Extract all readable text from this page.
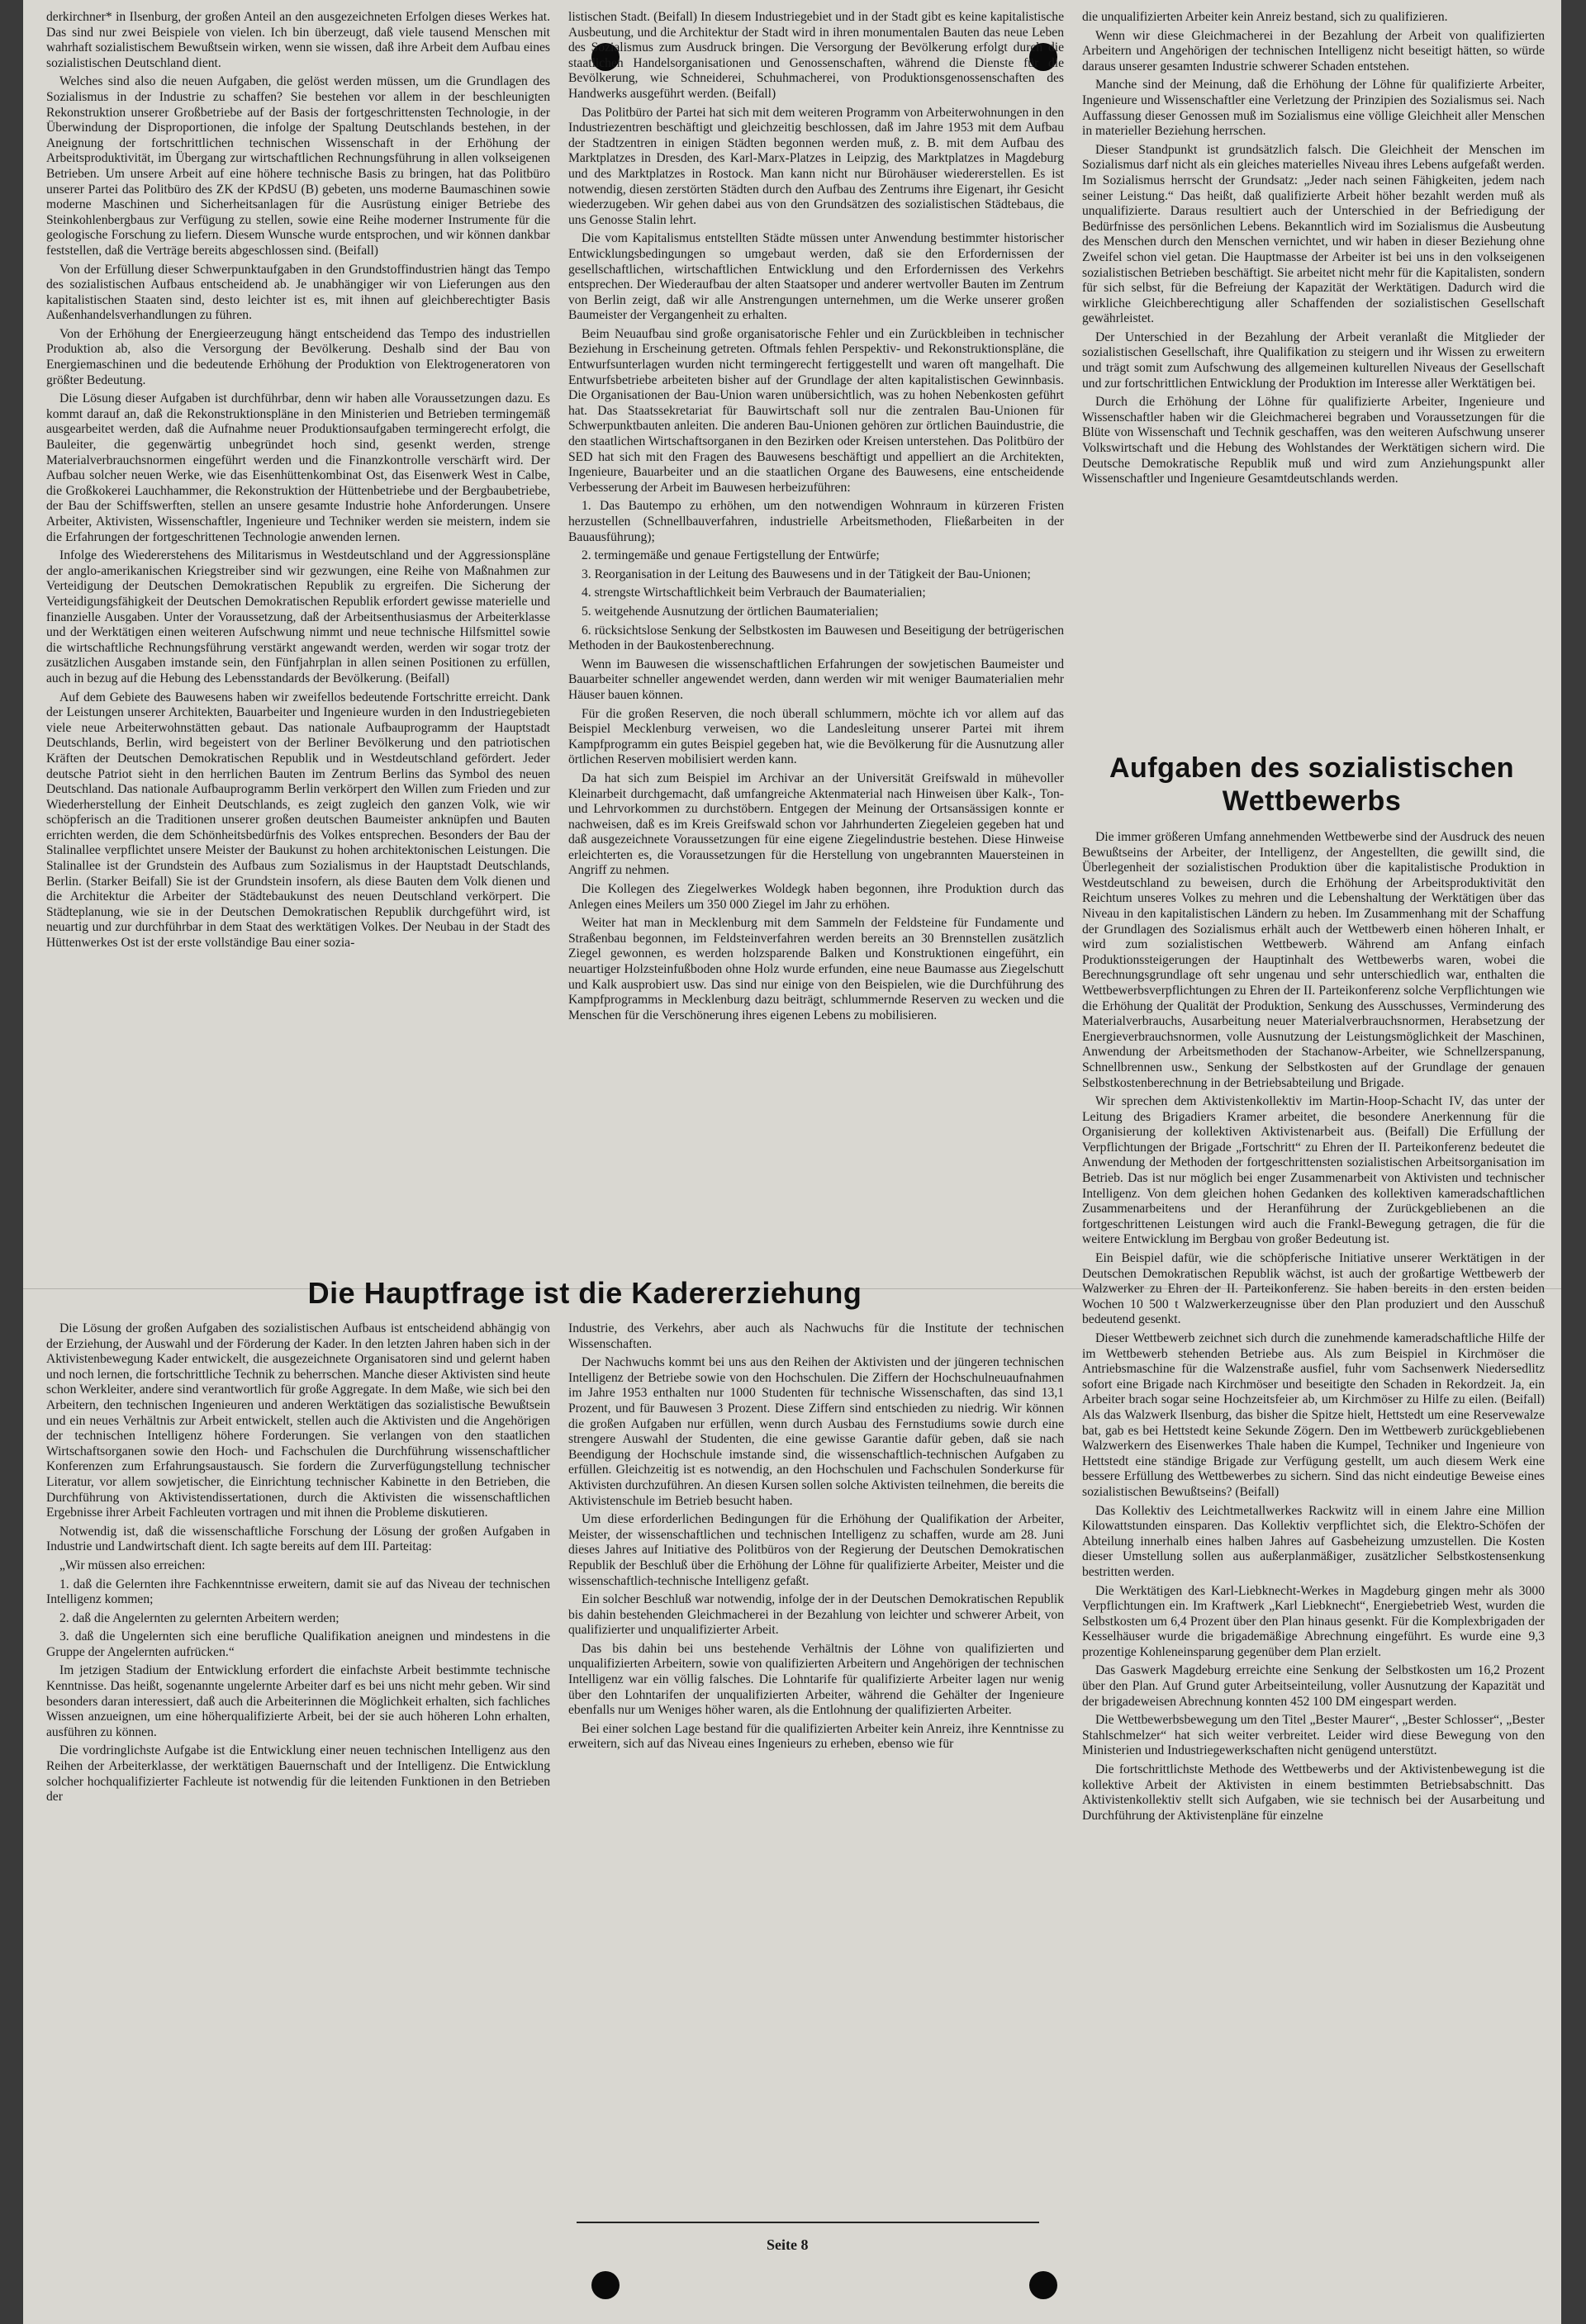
derkirchner* in Ilsenburg, der großen Anteil an den ausgezeichneten Erfolgen dieses Werkes hat. Das sind nur zwei Beispiele von vielen. Ich bin überzeugt, daß viele tausend Menschen mit wahrhaft sozialistischem Bewußtsein wirken, wenn sie wissen, daß ihre Arbeit dem Aufbau eines sozialistischen Deutschland dient.

Welches sind also die neuen Aufgaben, die gelöst werden müssen, um die Grundlagen des Sozialismus in der Industrie zu schaffen? Sie bestehen vor allem in der beschleunigten Rekonstruktion unserer Großbetriebe auf der Basis der fortgeschrittensten Technologie, in der Überwindung der Disproportionen, die infolge der Spaltung Deutschlands bestehen, in der Aneignung der fortschrittlichen technischen Wissenschaft in der Erhöhung der Arbeitsproduktivität, im Übergang zur wirtschaftlichen Rechnungsführung in allen volkseigenen Betrieben. Um unsere Arbeit auf eine höhere technische Basis zu bringen, hat das Politbüro unserer Partei das Politbüro des ZK der KPdSU (B) gebeten, uns moderne Baumaschinen sowie moderne Maschinen und Sicherheitsanlagen für die Ausrüstung einiger Betriebe des Steinkohlenbergbaus zur Verfügung zu stellen, sowie eine Reihe moderner Instrumente für die geologische Forschung zu liefern. Diesem Wunsche wurde entsprochen, und wir können dankbar feststellen, daß die Verträge bereits abgeschlossen sind. (Beifall)

Von der Erfüllung dieser Schwerpunktaufgaben in den Grundstoffindustrien hängt das Tempo des sozialistischen Aufbaus entscheidend ab. Je unabhängiger wir von Lieferungen aus den kapitalistischen Staaten sind, desto leichter ist es, mit ihnen auf gleichberechtigter Basis Außenhandelsverhandlungen zu führen.

Von der Erhöhung der Energieerzeugung hängt entscheidend das Tempo des industriellen Produktion ab, also die Versorgung der Bevölkerung. Deshalb sind der Bau von Energiemaschinen und die bedeutende Erhöhung der Produktion von Elektrogeneratoren von größter Bedeutung.

Die Lösung dieser Aufgaben ist durchführbar, denn wir haben alle Voraussetzungen dazu. Es kommt darauf an, daß die Rekonstruktionspläne in den Ministerien und Betrieben termingemäß ausgearbeitet werden, daß die Aufnahme neuer Produktionsaufgaben termingerecht erfolgt, die Bauleiter, die gegenwärtig unbegründet hoch sind, gesenkt werden, strenge Materialverbrauchsnormen eingeführt werden und die Finanzkontrolle verschärft wird. Der Aufbau solcher neuen Werke, wie das Eisenhüttenkombinat Ost, das Eisenwerk West in Calbe, die Großkokerei Lauchhammer, die Rekonstruktion der Hüttenbetriebe und der Bergbaubetriebe, der Bau der Schiffswerften, stellen an unsere gesamte Industrie hohe Anforderungen. Unsere Arbeiter, Aktivisten, Wissenschaftler, Ingenieure und Techniker werden sie meistern, indem sie die Erfahrungen der fortgeschrittenen Technologie anwenden lernen.

Infolge des Wiedererstehens des Militarismus in Westdeutschland und der Aggressionspläne der anglo-amerikanischen Kriegstreiber sind wir gezwungen, eine Reihe von Maßnahmen zur Verteidigung der Deutschen Demokratischen Republik zu ergreifen. Die Sicherung der Verteidigungsfähigkeit der Deutschen Demokratischen Republik erfordert gewisse materielle und finanzielle Ausgaben. Unter der Voraussetzung, daß der Arbeitsenthusiasmus der Arbeiterklasse und der Werktätigen einen weiteren Aufschwung nimmt und neue technische Hilfsmittel sowie die wirtschaftliche Rechnungsführung verstärkt angewandt werden, werden wir sogar trotz der zusätzlichen Ausgaben imstande sein, den Fünfjahrplan in allen seinen Positionen zu erfüllen, auch in bezug auf die Hebung des Lebensstandards der Bevölkerung. (Beifall)

Auf dem Gebiete des Bauwesens haben wir zweifellos bedeutende Fortschritte erreicht. Dank der Leistungen unserer Architekten, Bauarbeiter und Ingenieure wurden in den Industriegebieten viele neue Arbeiterwohnstätten gebaut. Das nationale Aufbauprogramm der Hauptstadt Deutschlands, Berlin, wird begeistert von der Berliner Bevölkerung und den patriotischen Kräften der Deutschen Demokratischen Republik und in Westdeutschland gefördert. Jeder deutsche Patriot sieht in den herrlichen Bauten im Zentrum Berlins das Symbol des neuen Deutschland. Das nationale Aufbauprogramm Berlin verkörpert den Willen zum Frieden und zur Wiederherstellung der Einheit Deutschlands, es zeigt zugleich den ganzen Volk, wie wir schöpferisch an die Traditionen unserer großen deutschen Baumeister anknüpfen und Bauten errichten werden, die dem Schönheitsbedürfnis des Volkes entsprechen. Besonders der Bau der Stalinallee verpflichtet unsere Meister der Baukunst zu hohen architektonischen Leistungen. Die Stalinallee ist der Grundstein des Aufbaus zum Sozialismus in der Hauptstadt Deutschlands, Berlin. (Starker Beifall) Sie ist der Grundstein insofern, als diese Bauten dem Volk dienen und die Architektur die Arbeiter der Städtebaukunst des neuen Deutschland verkörpert. Die Städteplanung, wie sie in der Deutschen Demokratischen Republik durchgeführt wird, ist neuartig und zur durchführbar in dem Staat des werktätigen Volkes. Der Neubau in der Stadt des Hüttenwerkes Ost ist der erste vollständige Bau einer sozia-

listischen Stadt. (Beifall) In diesem Industriegebiet und in der Stadt gibt es keine kapitalistische Ausbeutung, und die Architektur der Stadt wird in ihren monumentalen Bauten das neue Leben des Sozialismus zum Ausdruck bringen. Die Versorgung der Bevölkerung erfolgt durch die staatlichen Handelsorganisationen und Genossenschaften, während die Dienste für die Bevölkerung, wie Schneiderei, Schuhmacherei, von Produktionsgenossenschaften des Handwerks ausgeführt werden. (Beifall)

Das Politbüro der Partei hat sich mit dem weiteren Programm von Arbeiterwohnungen in den Industriezentren beschäftigt und gleichzeitig beschlossen, daß im Jahre 1953 mit dem Aufbau der Stadtzentren in einigen Städten begonnen werden muß, z. B. mit dem Aufbau des Marktplatzes in Dresden, des Karl-Marx-Platzes in Leipzig, des Marktplatzes in Magdeburg und des Marktplatzes in Rostock. Man kann nicht nur Bürohäuser wiedererstellen. Es ist notwendig, diesen zerstörten Städten durch den Aufbau des Zentrums ihre Eigenart, ihr Gesicht wiederzugeben. Wir gehen dabei aus von den Grundsätzen des sozialistischen Städtebaus, die uns Genosse Stalin lehrt.

Die vom Kapitalismus entstellten Städte müssen unter Anwendung bestimmter historischer Entwicklungsbedingungen so umgebaut werden, daß sie den Erfordernissen der gesellschaftlichen, wirtschaftlichen Entwicklung und den Erfordernissen des Verkehrs entsprechen. Der Wiederaufbau der alten Staatsoper und anderer wertvoller Bauten im Zentrum von Berlin zeigt, daß wir alle Anstrengungen unternehmen, um die Werke unserer großen Baumeister der Vergangenheit zu erhalten.

Beim Neuaufbau sind große organisatorische Fehler und ein Zurückbleiben in technischer Beziehung in Erscheinung getreten. Oftmals fehlen Perspektiv- und Rekonstruktionspläne, die Entwurfsunterlagen wurden nicht termingerecht fertiggestellt und waren oft mangelhaft. Die Entwurfsbetriebe arbeiteten bisher auf der Grundlage der alten kapitalistischen Gewinnbasis. Die Organisationen der Bau-Union waren unübersichtlich, was zu hohen Nebenkosten geführt hat. Das Staatssekretariat für Bauwirtschaft soll nur die zentralen Bau-Unionen für Schwerpunktbauten anleiten. Die anderen Bau-Unionen gehören zur örtlichen Bauindustrie, die den staatlichen Wirtschaftsorganen in den Bezirken oder Kreisen unterstehen. Das Politbüro der SED hat sich mit den Fragen des Bauwesens beschäftigt und appelliert an die Architekten, Ingenieure, Bauarbeiter und an die staatlichen Organe des Bauwesens, eine entscheidende Verbesserung der Arbeit im Bauwesen herbeizuführen:

1. Das Bautempo zu erhöhen, um den notwendigen Wohnraum in kürzeren Fristen herzustellen (Schnellbauverfahren, industrielle Arbeitsmethoden, Fließarbeiten in der Bauausführung);

2. termingemäße und genaue Fertigstellung der Entwürfe;

3. Reorganisation in der Leitung des Bauwesens und in der Tätigkeit der Bau-Unionen;

4. strengste Wirtschaftlichkeit beim Verbrauch der Baumaterialien;

5. weitgehende Ausnutzung der örtlichen Baumaterialien;

6. rücksichtslose Senkung der Selbstkosten im Bauwesen und Beseitigung der betrügerischen Methoden in der Baukostenberechnung.

Wenn im Bauwesen die wissenschaftlichen Erfahrungen der sowjetischen Baumeister und Bauarbeiter schneller angewendet werden, dann werden wir mit weniger Baumaterialien mehr Häuser bauen können.

Für die großen Reserven, die noch überall schlummern, möchte ich vor allem auf das Beispiel Mecklenburg verweisen, wo die Landesleitung unserer Partei mit ihrem Kampfprogramm ein gutes Beispiel gegeben hat, wie die Bevölkerung für die Ausnutzung aller örtlichen Reserven mobilisiert werden kann.

Da hat sich zum Beispiel im Archivar an der Universität Greifswald in mühevoller Kleinarbeit durchgemacht, daß umfangreiche Aktenmaterial nach Hinweisen über Kalk-, Ton- und Lehrvorkommen zu durchstöbern. Entgegen der Meinung der Ortsansässigen konnte er nachweisen, daß es im Kreis Greifswald schon vor Jahrhunderten Ziegeleien gegeben hat und daß ausgezeichnete Voraussetzungen für eine eigene Ziegelindustrie bestehen. Diese Hinweise erleichterten es, die Voraussetzungen für die Herstellung von ungebrannten Mauersteinen in Angriff zu nehmen.

Die Kollegen des Ziegelwerkes Woldegk haben begonnen, ihre Produktion durch das Anlegen eines Meilers um 350 000 Ziegel im Jahr zu erhöhen.

Weiter hat man in Mecklenburg mit dem Sammeln der Feldsteine für Fundamente und Straßenbau begonnen, im Feldsteinverfahren werden bereits an 30 Brennstellen zusätzlich Ziegel gewonnen, es werden holzsparende Balken und Konstruktionen eingeführt, ein neuartiger Holzsteinfußboden ohne Holz wurde erfunden, eine neue Baumasse aus Ziegelschutt und Kalk ausprobiert usw. Das sind nur einige von den Beispielen, wie die Durchführung des Kampfprogramms in Mecklenburg dazu beiträgt, schlummernde Reserven zu wecken und die Menschen für die Verschönerung ihres eigenen Lebens zu mobilisieren.

die unqualifizierten Arbeiter kein Anreiz bestand, sich zu qualifizieren.

Wenn wir diese Gleichmacherei in der Bezahlung der Arbeit von qualifizierten Arbeitern und Angehörigen der technischen Intelligenz nicht beseitigt hätten, so würde daraus unserer gesamten Industrie schwerer Schaden entstehen.

Manche sind der Meinung, daß die Erhöhung der Löhne für qualifizierte Arbeiter, Ingenieure und Wissenschaftler eine Verletzung der Prinzipien des Sozialismus sei. Nach Auffassung dieser Genossen muß im Sozialismus eine völlige Gleichheit aller Menschen in materieller Beziehung herrschen.

Dieser Standpunkt ist grundsätzlich falsch. Die Gleichheit der Menschen im Sozialismus darf nicht als ein gleiches materielles Niveau ihres Lebens aufgefaßt werden. Im Sozialismus herrscht der Grundsatz: „Jeder nach seinen Fähigkeiten, jedem nach seiner Leistung.“ Das heißt, daß qualifizierte Arbeit höher bezahlt werden muß als unqualifizierte. Daraus resultiert auch der Unterschied in der Befriedigung der Bedürfnisse des persönlichen Lebens. Bekanntlich wird im Sozialismus die Ausbeutung des Menschen durch den Menschen vernichtet, und wir haben in dieser Beziehung ohne Zweifel schon viel getan. Die Hauptmasse der Arbeiter ist bei uns in den volkseigenen sozialistischen Betrieben beschäftigt. Sie arbeitet nicht mehr für die Kapitalisten, sondern für sich selbst, für die Befreiung der Kapazität der Werktätigen. Dadurch wird die wirkliche Gleichberechtigung aller Schaffenden der sozialistischen Gesellschaft gewährleistet.

Der Unterschied in der Bezahlung der Arbeit veranlaßt die Mitglieder der sozialistischen Gesellschaft, ihre Qualifikation zu steigern und ihr Wissen zu erweitern und trägt somit zum Aufschwung des allgemeinen kulturellen Niveaus der Gesellschaft und zur fortschrittlichen Entwicklung der Produktion im Interesse aller Werktätigen bei.

Durch die Erhöhung der Löhne für qualifizierte Arbeiter, Ingenieure und Wissenschaftler haben wir die Gleichmacherei begraben und Voraussetzungen für die Blüte von Wissenschaft und Technik geschaffen, was den weiteren Aufschwung unserer Volkswirtschaft und die Hebung des Wohlstandes der Werktätigen sichern wird. Die Deutsche Demokratische Republik muß und wird zum Anziehungspunkt aller Wissenschaftler und Ingenieure Gesamtdeutschlands werden.

Aufgaben des sozialistischen Wettbewerbs

Die immer größeren Umfang annehmenden Wettbewerbe sind der Ausdruck des neuen Bewußtseins der Arbeiter, der Intelligenz, der Angestellten, die gewillt sind, die Überlegenheit der sozialistischen Produktion über die kapitalistische Produktion in Westdeutschland zu beweisen, durch die Erhöhung der Arbeitsproduktivität den Reichtum unseres Volkes zu mehren und die Lebenshaltung der Werktätigen über das Niveau in den kapitalistischen Ländern zu heben. Im Zusammenhang mit der Schaffung der Grundlagen des Sozialismus erhält auch der Wettbewerb einen höheren Inhalt, er wird zum sozialistischen Wettbewerb. Während am Anfang einfach Produktionssteigerungen der Hauptinhalt des Wettbewerbs waren, wobei die Berechnungsgrundlage oft sehr ungenau und sehr unterschiedlich war, enthalten die Wettbewerbsverpflichtungen zu Ehren der II. Parteikonferenz solche Verpflichtungen wie die Erhöhung der Qualität der Produktion, Senkung des Ausschusses, Verminderung des Materialverbrauchs, Ausarbeitung neuer Materialverbrauchsnormen, Herabsetzung der Energieverbrauchsnormen, volle Ausnutzung der Leistungsmöglichkeit der Maschinen, Anwendung der Arbeitsmethoden der Stachanow-Arbeiter, wie Schnellzerspanung, Schnellbrennen usw., Senkung der Selbstkosten auf der Grundlage der genauen Selbstkostenberechnung in der Betriebsabteilung und Brigade.

Wir sprechen dem Aktivistenkollektiv im Martin-Hoop-Schacht IV, das unter der Leitung des Brigadiers Kramer arbeitet, die besondere Anerkennung für die Organisierung der kollektiven Aktivistenarbeit aus. (Beifall) Die Erfüllung der Verpflichtungen der Brigade „Fortschritt“ zu Ehren der II. Parteikonferenz bedeutet die Anwendung der Methoden der fortgeschrittensten sozialistischen Arbeitsorganisation im Betrieb. Das ist nur möglich bei enger Zusammenarbeit von Aktivisten und technischer Intelligenz. Von dem gleichen hohen Gedanken des kollektiven kameradschaftlichen Zusammenarbeitens und der Heranführung der Zurückgebliebenen an die fortgeschrittenen Leistungen wird auch die Frankl-Bewegung getragen, die für die weitere Entwicklung im Bergbau von großer Bedeutung ist.

Ein Beispiel dafür, wie die schöpferische Initiative unserer Werktätigen in der Deutschen Demokratischen Republik wächst, ist auch der großartige Wettbewerb der Walzwerker zu Ehren der II. Parteikonferenz. Sie haben bereits in den ersten beiden Wochen 10 500 t Walzwerkerzeugnisse über den Plan produziert und den Ausschuß bedeutend gesenkt.

Dieser Wettbewerb zeichnet sich durch die zunehmende kameradschaftliche Hilfe der im Wettbewerb stehenden Betriebe aus. Als zum Beispiel in Kirchmöser die Antriebsmaschine für die Walzenstraße ausfiel, fuhr vom Sachsenwerk Niedersedlitz sofort eine Brigade nach Kirchmöser und beseitigte den Schaden in Rekordzeit. Ja, ein Arbeiter brach sogar seine Hochzeitsfeier ab, um Kirchmöser zu Hilfe zu eilen. (Beifall) Als das Walzwerk Ilsenburg, das bisher die Spitze hielt, Hettstedt um eine Reservewalze bat, gab es bei Hettstedt keine Sekunde Zögern. Den im Wettbewerb zurückgebliebenen Walzwerkern des Eisenwerkes Thale haben die Kumpel, Techniker und Ingenieure von Hettstedt eine ständige Brigade zur Verfügung gestellt, um auch diesem Werk eine bessere Erfüllung des Wettbewerbes zu sichern. Sind das nicht eindeutige Beweise eines sozialistischen Bewußtseins? (Beifall)

Das Kollektiv des Leichtmetallwerkes Rackwitz will in einem Jahre eine Million Kilowattstunden einsparen. Das Kollektiv verpflichtet sich, die Elektro-Schöfen der Abteilung innerhalb eines halben Jahres auf Gasbeheizung umzustellen. Die Kosten dieser Umstellung sollen aus außerplanmäßiger, zusätzlicher Selbstkostensenkung bestritten werden.

Die Werktätigen des Karl-Liebknecht-Werkes in Magdeburg gingen mehr als 3000 Verpflichtungen ein. Im Kraftwerk „Karl Liebknecht“, Energiebetrieb West, wurden die Selbstkosten um 6,4 Prozent über den Plan hinaus gesenkt. Für die Komplexbrigaden der Kesselhäuser wurde die brigademäßige Abrechnung eingeführt. Es wurde eine 9,3 prozentige Kohleneinsparung gegenüber dem Plan erzielt.

Das Gaswerk Magdeburg erreichte eine Senkung der Selbstkosten um 16,2 Prozent über den Plan. Auf Grund guter Arbeitseinteilung, voller Ausnutzung der Kapazität und der brigadeweisen Abrechnung konnten 452 100 DM eingespart werden.

Die Wettbewerbsbewegung um den Titel „Bester Maurer“, „Bester Schlosser“, „Bester Stahlschmelzer“ hat sich weiter verbreitet. Leider wird diese Bewegung von den Ministerien und Industriegewerkschaften nicht genügend unterstützt.

Die fortschrittlichste Methode des Wettbewerbs und der Aktivistenbewegung ist die kollektive Arbeit der Aktivisten in einem bestimmten Betriebsabschnitt. Das Aktivistenkollektiv stellt sich Aufgaben, wie sie technisch bei der Ausarbeitung und Durchführung der Aktivistenpläne für einzelne

Die Hauptfrage ist die Kadererziehung

Die Lösung der großen Aufgaben des sozialistischen Aufbaus ist entscheidend abhängig von der Erziehung, der Auswahl und der Förderung der Kader. In den letzten Jahren haben sich in der Aktivistenbewegung Kader entwickelt, die ausgezeichnete Organisatoren sind und gelernt haben und noch lernen, die fortschrittliche Technik zu beherrschen. Manche dieser Aktivisten sind heute schon Werkleiter, andere sind verantwortlich für große Aggregate. In dem Maße, wie sich bei den Arbeitern, den technischen Ingenieuren und anderen Werktätigen das sozialistische Bewußtsein und ein neues Verhältnis zur Arbeit entwickelt, stellen auch die Aktivisten und die Angehörigen der technischen Intelligenz höhere Forderungen. Sie verlangen von den staatlichen Wirtschaftsorganen sowie den Hoch- und Fachschulen die Durchführung wissenschaftlicher Konferenzen zum Erfahrungsaustausch. Sie fordern die Zurverfügungstellung technischer Literatur, vor allem sowjetischer, die Einrichtung technischer Kabinette in den Betrieben, die Durchführung von Aktivistendissertationen, durch die Aktivisten die wissenschaftlichen Ergebnisse ihrer Arbeit Fachleuten vortragen und mit ihnen die Probleme diskutieren.

Notwendig ist, daß die wissenschaftliche Forschung der Lösung der großen Aufgaben in Industrie und Landwirtschaft dient. Ich sagte bereits auf dem III. Parteitag:

„Wir müssen also erreichen:

1. daß die Gelernten ihre Fachkenntnisse erweitern, damit sie auf das Niveau der technischen Intelligenz kommen;

2. daß die Angelernten zu gelernten Arbeitern werden;

3. daß die Ungelernten sich eine berufliche Qualifikation aneignen und mindestens in die Gruppe der Angelernten aufrücken.“

Im jetzigen Stadium der Entwicklung erfordert die einfachste Arbeit bestimmte technische Kenntnisse. Das heißt, sogenannte ungelernte Arbeiter darf es bei uns nicht mehr geben. Wir sind besonders daran interessiert, daß auch die Arbeiterinnen die Möglichkeit erhalten, sich fachliches Wissen anzueignen, um eine höherqualifizierte Arbeit, bei der sie auch höheren Lohn erhalten, ausführen zu können.

Die vordringlichste Aufgabe ist die Entwicklung einer neuen technischen Intelligenz aus den Reihen der Arbeiterklasse, der werktätigen Bauernschaft und der Intelligenz. Die Entwicklung solcher hochqualifizierter Fachleute ist notwendig für die leitenden Funktionen in den Betrieben der

Industrie, des Verkehrs, aber auch als Nachwuchs für die Institute der technischen Wissenschaften.

Der Nachwuchs kommt bei uns aus den Reihen der Aktivisten und der jüngeren technischen Intelligenz der Betriebe sowie von den Hochschulen. Die Ziffern der Hochschulneuaufnahmen im Jahre 1953 enthalten nur 1000 Studenten für technische Wissenschaften, das sind 13,1 Prozent, und für Bauwesen 3 Prozent. Diese Ziffern sind entschieden zu niedrig. Wir können die großen Aufgaben nur erfüllen, wenn durch Ausbau des Fernstudiums sowie durch eine strengere Auswahl der Studenten, die eine gewisse Garantie dafür geben, daß sie nach Beendigung der Hochschule imstande sind, die wissenschaftlich-technischen Aufgaben zu erfüllen. Gleichzeitig ist es notwendig, an den Hochschulen und Fachschulen Sonderkurse für Aktivisten durchzuführen. An diesen Kursen sollen solche Aktivisten teilnehmen, die bereits die Aktivistenschule im Betrieb besucht haben.

Um diese erforderlichen Bedingungen für die Erhöhung der Qualifikation der Arbeiter, Meister, der wissenschaftlichen und technischen Intelligenz zu schaffen, wurde am 28. Juni dieses Jahres auf Initiative des Politbüros von der Regierung der Deutschen Demokratischen Republik der Beschluß über die Erhöhung der Löhne für qualifizierte Arbeiter, Meister und die wissenschaftlich-technische Intelligenz gefaßt.

Ein solcher Beschluß war notwendig, infolge der in der Deutschen Demokratischen Republik bis dahin bestehenden Gleichmacherei in der Bezahlung von leichter und schwerer Arbeit, von qualifizierter und unqualifizierter Arbeit.

Das bis dahin bei uns bestehende Verhältnis der Löhne von qualifizierten und unqualifizierten Arbeitern, sowie von qualifizierten Arbeitern und Angehörigen der technischen Intelligenz war ein völlig falsches. Die Lohntarife für qualifizierte Arbeiter lagen nur wenig über den Lohntarifen der unqualifizierten Arbeiter, während die Gehälter der Ingenieure ebenfalls nur um Weniges höher waren, als die Entlohnung der qualifizierten Arbeiter.

Bei einer solchen Lage bestand für die qualifizierten Arbeiter kein Anreiz, ihre Kenntnisse zu erweitern, sich auf das Niveau eines Ingenieurs zu erheben, ebenso wie für

Seite 8
